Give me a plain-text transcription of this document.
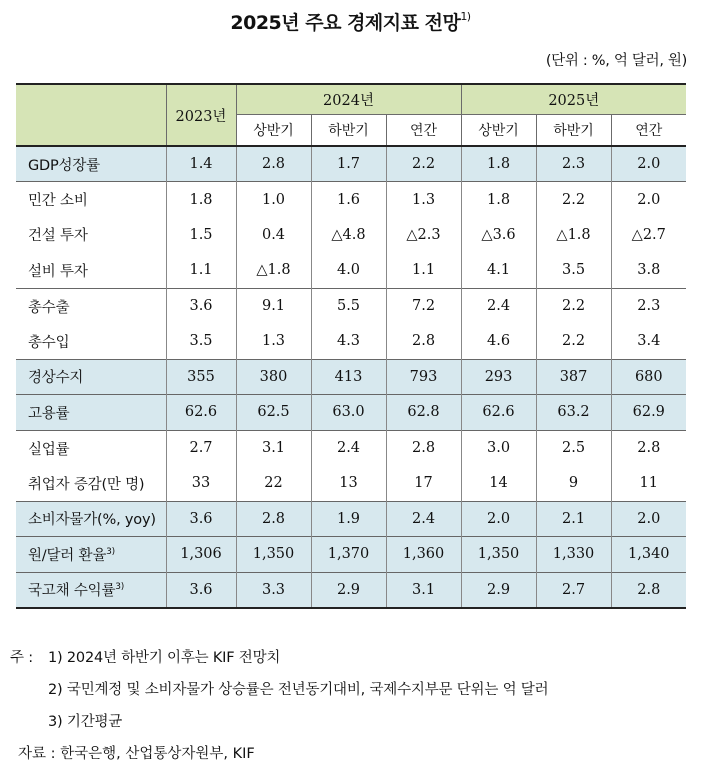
2025년 주요 경제지표 전망$^{1)}$
(단위 : %, 억 달러, 원)
	2023년	2024년			2025년		
		상반기	하반기	연간	상반기	하반기	연간
GDP성장률	1.4	2.8	1.7	2.2	1.8	2.3	2.0
민간 소비	1.8	1.0	1.6	1.3	1.8	2.2	2.0
건설 투자	1.5	0.4	△4.8	△2.3	△3.6	△1.8	△2.7
설비 투자	1.1	△1.8	4.0	1.1	4.1	3.5	3.8
총수출	3.6	9.1	5.5	7.2	2.4	2.2	2.3
총수입	3.5	1.3	4.3	2.8	4.6	2.2	3.4
경상수지	355	380	413	793	293	387	680
고용률	62.6	62.5	63.0	62.8	62.6	63.2	62.9
실업률	2.7	3.1	2.4	2.8	3.0	2.5	2.8
취업자 증감(만 명)	33	22	13	17	14	9	11
소비자물가(%, yoy)	3.6	2.8	1.9	2.4	2.0	2.1	2.0
원/달러 환율$^{3)}$	1,306	1,350	1,370	1,360	1,350	1,330	1,340
국고채 수익률$^{3)}$	3.6	3.3	2.9	3.1	2.9	2.7	2.8
주 : 1) 2024년 하반기 이후는 KIF 전망치
2) 국민계정 및 소비자물가 상승률은 전년동기대비, 국제수지부문 단위는 억 달러
3) 기간평균
자료 : 한국은행, 산업통상자원부, KIF
